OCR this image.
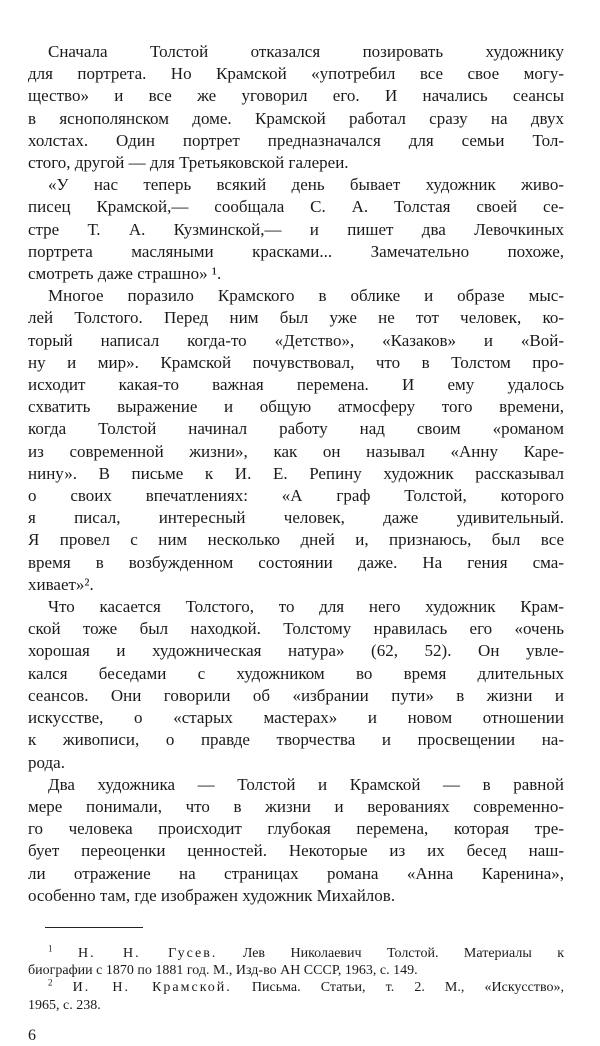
Сначала Толстой отказался позировать художнику
для портрета. Но Крамской «употребил все свое могу-
щество» и все же уговорил его. И начались сеансы
в яснополянском доме. Крамской работал сразу на двух
холстах. Один портрет предназначался для семьи Тол-
стого, другой — для Третьяковской галереи.
«У нас теперь всякий день бывает художник живо-
писец Крамской,— сообщала С. А. Толстая своей се-
стре Т. А. Кузминской,— и пишет два Левочкиных
портрета масляными красками... Замечательно похоже,
смотреть даже страшно» ¹.
Многое поразило Крамского в облике и образе мыс-
лей Толстого. Перед ним был уже не тот человек, ко-
торый написал когда-то «Детство», «Казаков» и «Вой-
ну и мир». Крамской почувствовал, что в Толстом про-
исходит какая-то важная перемена. И ему удалось
схватить выражение и общую атмосферу того времени,
когда Толстой начинал работу над своим «романом
из современной жизни», как он называл «Анну Каре-
нину». В письме к И. Е. Репину художник рассказывал
о своих впечатлениях: «А граф Толстой, которого
я писал, интересный человек, даже удивительный.
Я провел с ним несколько дней и, признаюсь, был все
время в возбужденном состоянии даже. На гения сма-
хивает»².
Что касается Толстого, то для него художник Крам-
ской тоже был находкой. Толстому нравилась его «очень
хорошая и художническая натура» (62, 52). Он увле-
кался беседами с художником во время длительных
сеансов. Они говорили об «избрании пути» в жизни и
искусстве, о «старых мастерах» и новом отношении
к живописи, о правде творчества и просвещении на-
рода.
Два художника — Толстой и Крамской — в равной
мере понимали, что в жизни и верованиях современно-
го человека происходит глубокая перемена, которая тре-
бует переоценки ценностей. Некоторые из их бесед наш-
ли отражение на страницах романа «Анна Каренина»,
особенно там, где изображен художник Михайлов.
$^1$ Н. Н. Гусев. Лев Николаевич Толстой. Материалы к
биографии с 1870 по 1881 год. М., Изд-во АН СССР, 1963, с. 149.
$^2$ И. Н. Крамской. Письма. Статьи, т. 2. М., «Искусство»,
1965, с. 238.
6
